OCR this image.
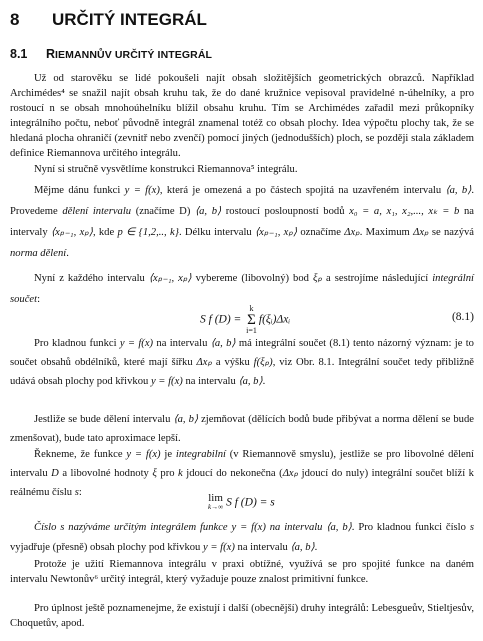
8 URČITÝ INTEGRÁL
8.1 RIEMANNŮV URČITÝ INTEGRÁL

Už od starověku se lidé pokoušeli najít obsah složitějších geometrických obrazců. Například Archimédes⁴ se snažil najít obsah kruhu tak, že do dané kružnice vepisoval pravidelné n-úhelníky, a pro rostoucí n se obsah mnohoúhelníku blížil obsahu kruhu. Tím se Archimédes zařadil mezi průkopníky integrálního počtu, neboť původně integrál znamenal totéž co obsah plochy. Idea výpočtu plochy tak, že se hledaná plocha ohraničí (zevnitř nebo zvenčí) pomocí jiných (jednodušších) ploch, se později stala základem definice Riemannova určitého integrálu.

Nyní si stručně vysvětlíme konstrukci Riemannova⁵ integrálu.

Mějme dánu funkci y = f(x), která je omezená a po částech spojitá na uzavřeném intervalu ⟨a, b⟩. Provedeme dělení intervalu (značíme D) ⟨a, b⟩ rostoucí posloupností bodů x₀ = a, x₁, x₂,..., xₖ = b na intervaly ⟨xₚ₋₁, xₚ⟩, kde p ∈ {1,2,.., k}. Délku intervalu ⟨xₚ₋₁, xₚ⟩ označíme Δxₚ. Maximum Δxₚ se nazývá norma dělení.

Nyní z každého intervalu ⟨xₚ₋₁, xₚ⟩ vybereme (libovolný) bod ξₚ a sestrojíme následující integrální součet:

S f (D) = k
Σ
i=1f(ξᵢ)Δxᵢ	(8.1)

Pro kladnou funkci y = f(x) na intervalu ⟨a, b⟩ má integrální součet (8.1) tento názorný význam: je to součet obsahů obdélníků, které mají šířku Δxₚ a výšku f(ξₚ), viz Obr. 8.1. Integrální součet tedy přibližně udává obsah plochy pod křivkou y = f(x) na intervalu ⟨a, b⟩.

Jestliže se bude dělení intervalu ⟨a, b⟩ zjemňovat (dělících bodů bude přibývat a norma dělení se bude zmenšovat), bude tato aproximace lepší.

Řekneme, že funkce y = f(x) je integrabilní (v Riemannově smyslu), jestliže se pro libovolné dělení intervalu D a libovolné hodnoty ξ pro k jdoucí do nekonečna (Δxₚ jdoucí do nuly) integrální součet blíží k reálnému číslu s:	lim
k→∞ S f (D) = s

Číslo s nazýváme určitým integrálem funkce y = f(x) na intervalu ⟨a, b⟩. Pro kladnou funkci číslo s vyjadřuje (přesně) obsah plochy pod křivkou y = f(x) na intervalu ⟨a, b⟩.

Protože je užití Riemannova integrálu v praxi obtížné, využívá se pro spojité funkce na daném intervalu Newtonův⁶ určitý integrál, který vyžaduje pouze znalost primitivní funkce.

Pro úplnost ještě poznamenejme, že existují i další (obecnější) druhy integrálů: Lebesgueův, Stieltjesův, Choquetův, apod.
